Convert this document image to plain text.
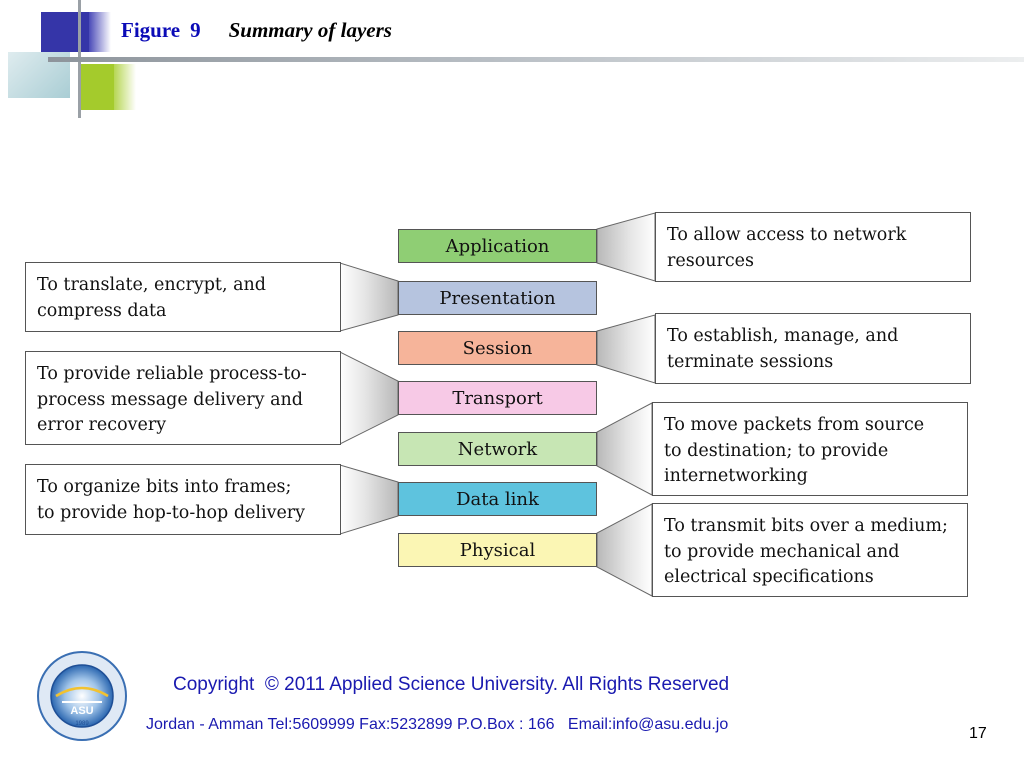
Figure 9 Summary of layers
Application
Presentation
Session
Transport
Network
Data link
Physical
To allow access to network
resources
To translate, encrypt, and
compress data
To establish, manage, and
terminate sessions
To provide reliable process-to-
process message delivery and
error recovery	To move packets from source
to destination; to provide
internetworking
To organize bits into frames;
to provide hop-to-hop delivery
To transmit bits over a medium;
to provide mechanical and
electrical specifications
ASU
1989
Copyright  © 2011 Applied Science University. All Rights Reserved
Jordan - Amman Tel:5609999 Fax:5232899 P.O.Box : 166   Email:info@asu.edu.jo
17
